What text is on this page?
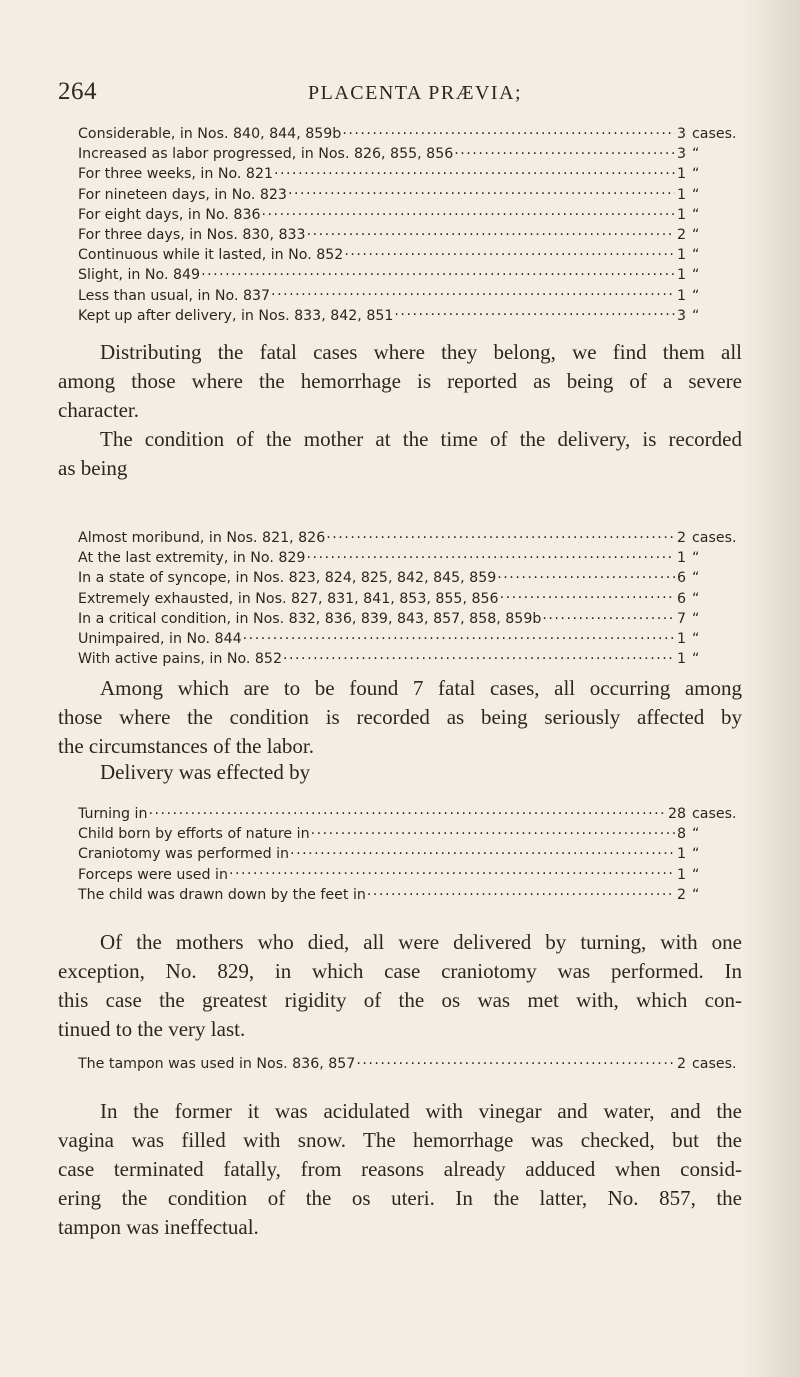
264	PLACENTA PRÆVIA;
Considerable, in Nos. 840, 844, 859b . . .	3 cases.
Increased as labor progressed, in Nos. 826, 855, 856 . . .	3 “
For three weeks, in No. 821 . . .	1 “
For nineteen days, in No. 823 . . .	1 “
For eight days, in No. 836 . . .	1 “
For three days, in Nos. 830, 833 . . .	2 “
Continuous while it lasted, in No. 852 . . .	1 “
Slight, in No. 849 . . .	1 “
Less than usual, in No. 837 . . .	1 “
Kept up after delivery, in Nos. 833, 842, 851 . . .	3 “

Distributing the fatal cases where they belong, we find them all
among those where the hemorrhage is reported as being of a severe
character.

The condition of the mother at the time of the delivery, is recorded
as being

Almost moribund, in Nos. 821, 826 . . .	2 cases.
At the last extremity, in No. 829 . . .	1 “
In a state of syncope, in Nos. 823, 824, 825, 842, 845, 859 . . .	6 “
Extremely exhausted, in Nos. 827, 831, 841, 853, 855, 856 . . .	6 “
In a critical condition, in Nos. 832, 836, 839, 843, 857, 858, 859b . . .	7 “
Unimpaired, in No. 844 . . .	1 “
With active pains, in No. 852 . . .	1 “

Among which are to be found 7 fatal cases, all occurring among
those where the condition is recorded as being seriously affected by
the circumstances of the labor.

Delivery was effected by

Turning in . . .	28 cases.
Child born by efforts of nature in . . .	8 “
Craniotomy was performed in . . .	1 “
Forceps were used in . . .	1 “
The child was drawn down by the feet in . . .	2 “

Of the mothers who died, all were delivered by turning, with one
exception, No. 829, in which case craniotomy was performed. In
this case the greatest rigidity of the os was met with, which con-
tinued to the very last.

The tampon was used in Nos. 836, 857 . . .	2 cases.

In the former it was acidulated with vinegar and water, and the
vagina was filled with snow. The hemorrhage was checked, but the
case terminated fatally, from reasons already adduced when consid-
ering the condition of the os uteri. In the latter, No. 857, the
tampon was ineffectual.
